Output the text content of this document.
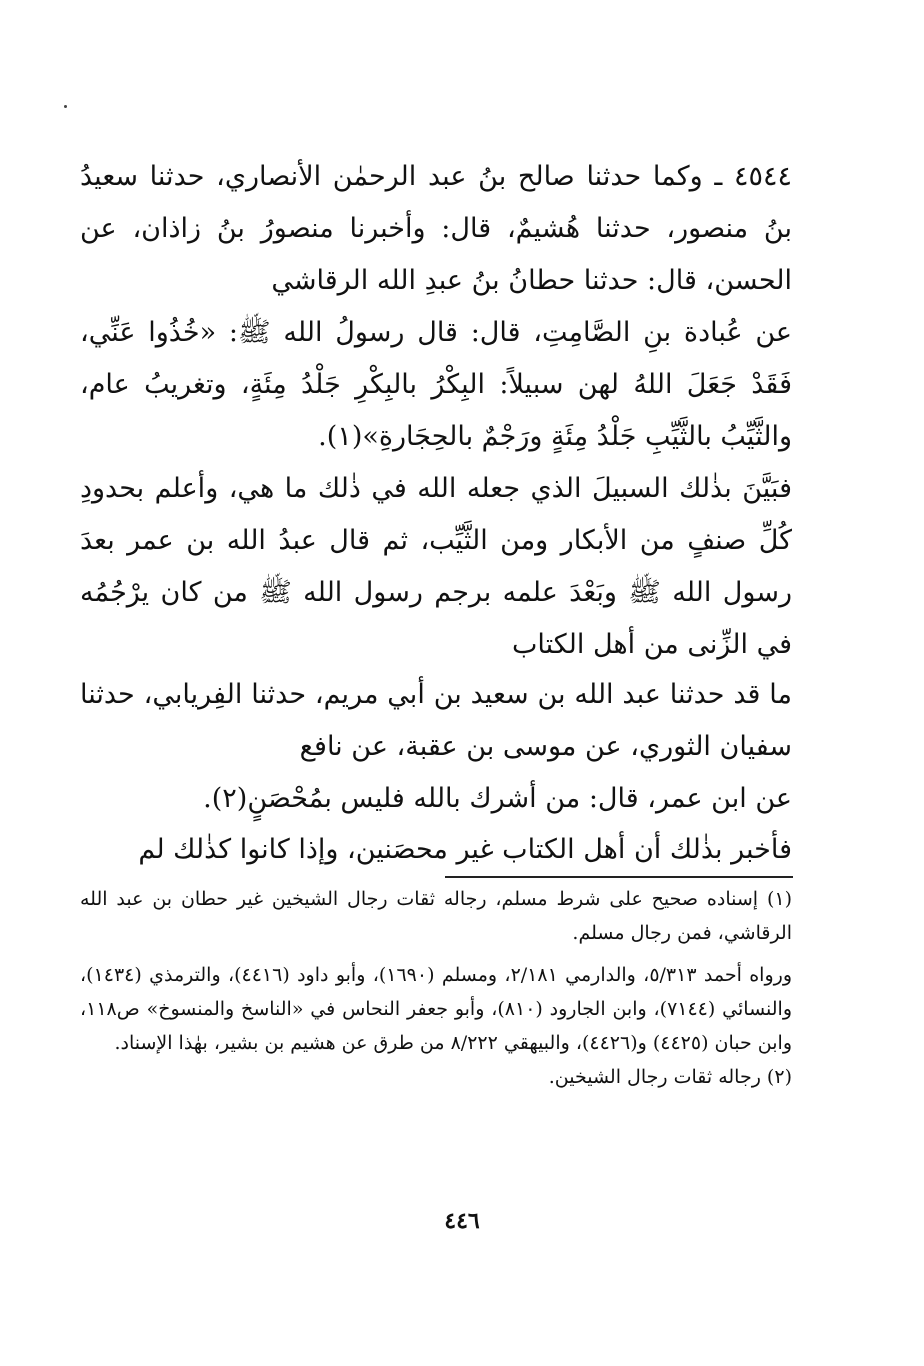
٤٥٤٤ ـ وكما حدثنا صالح بنُ عبد الرحمٰن الأنصاري، حدثنا سعيدُ بنُ منصور، حدثنا هُشيمٌ، قال: وأخبرنا منصورُ بنُ زاذان، عن الحسن، قال: حدثنا حطانُ بنُ عبدِ الله الرقاشي

عن عُبادة بنِ الصَّامِتِ، قال: قال رسولُ الله ﷺ: «خُذُوا عَنِّي، فَقَدْ جَعَلَ اللهُ لهن سبيلاً: البِكْرُ بالبِكْرِ جَلْدُ مِئَةٍ، وتغريبُ عام، والثَّيِّبُ بالثَّيِّبِ جَلْدُ مِئَةٍ ورَجْمٌ بالحِجَارةِ»(١).

فبَيَّنَ بذٰلك السبيلَ الذي جعله الله في ذٰلك ما هي، وأعلم بحدودِ كُلِّ صنفٍ من الأبكار ومن الثَّيِّب، ثم قال عبدُ الله بن عمر بعدَ رسول الله ﷺ وبَعْدَ علمه برجم رسول الله ﷺ من كان يرْجُمُه في الزِّنى من أهل الكتاب

ما قد حدثنا عبد الله بن سعيد بن أبي مريم، حدثنا الفِريابي، حدثنا سفيان الثوري، عن موسى بن عقبة، عن نافع

عن ابن عمر، قال: من أشرك بالله فليس بمُحْصَنٍ(٢).

فأخبر بذٰلك أن أهل الكتاب غير محصَنين، وإذا كانوا كذٰلك لم

(١) إسناده صحيح على شرط مسلم، رجاله ثقات رجال الشيخين غير حطان بن عبد الله الرقاشي، فمن رجال مسلم.

ورواه أحمد ٥/٣١٣، والدارمي ٢/١٨١، ومسلم (١٦٩٠)، وأبو داود (٤٤١٦)، والترمذي (١٤٣٤)، والنسائي (٧١٤٤)، وابن الجارود (٨١٠)، وأبو جعفر النحاس في «الناسخ والمنسوخ» ص١١٨، وابن حبان (٤٤٢٥) و(٤٤٢٦)، والبيهقي ٨/٢٢٢ من طرق عن هشيم بن بشير، بهٰذا الإسناد.

(٢) رجاله ثقات رجال الشيخين.

٤٤٦
